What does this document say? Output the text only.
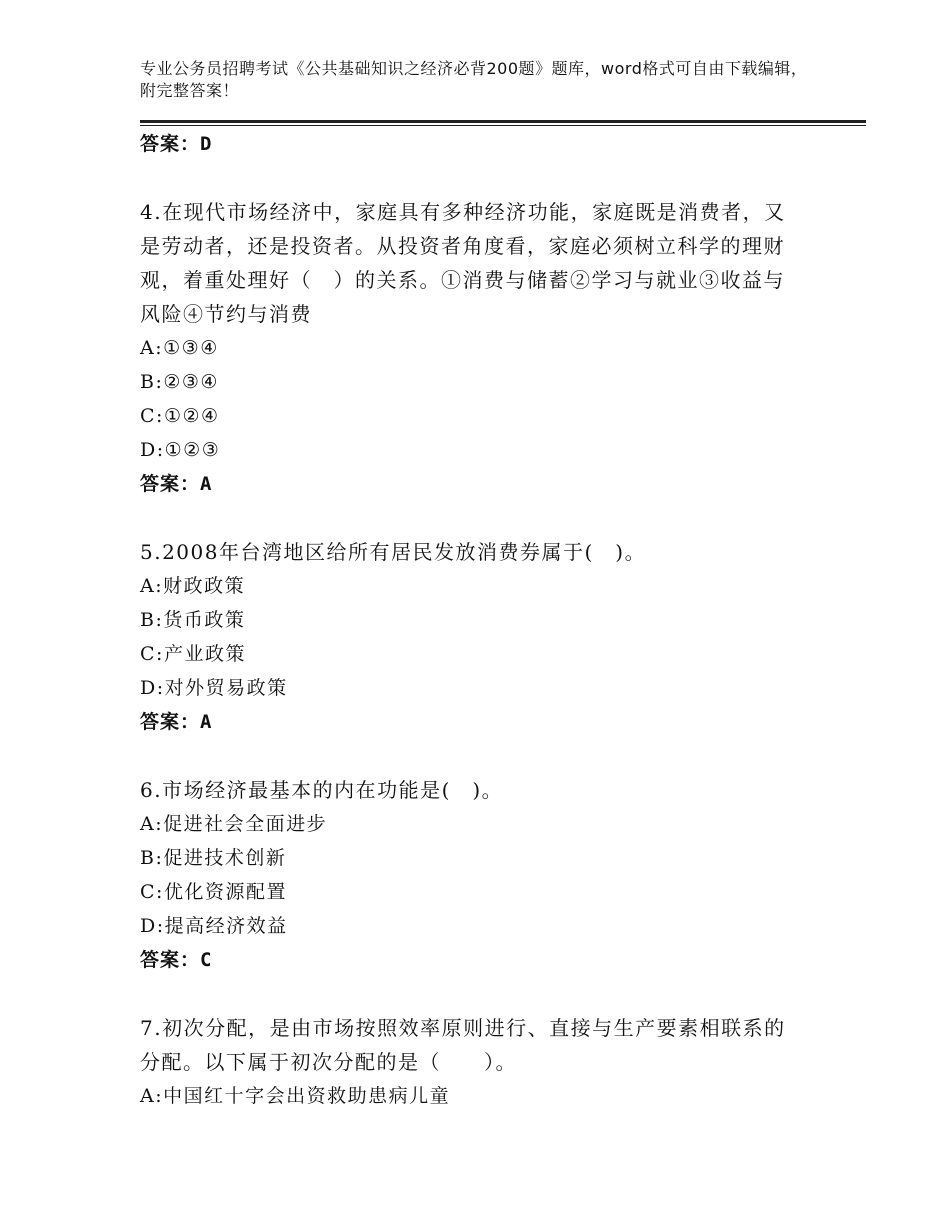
专业公务员招聘考试《公共基础知识之经济必背200题》题库，word格式可自由下载编辑，附完整答案！
答案：D
4.在现代市场经济中，家庭具有多种经济功能，家庭既是消费者，又是劳动者，还是投资者。从投资者角度看，家庭必须树立科学的理财观，着重处理好（　）的关系。①消费与储蓄②学习与就业③收益与风险④节约与消费
A:①③④
B:②③④
C:①②④
D:①②③
答案：A
5.2008年台湾地区给所有居民发放消费券属于(　)。
A:财政政策
B:货币政策
C:产业政策
D:对外贸易政策
答案：A
6.市场经济最基本的内在功能是(　)。
A:促进社会全面进步
B:促进技术创新
C:优化资源配置
D:提高经济效益
答案：C
7.初次分配，是由市场按照效率原则进行、直接与生产要素相联系的分配。以下属于初次分配的是（　　）。
A:中国红十字会出资救助患病儿童
